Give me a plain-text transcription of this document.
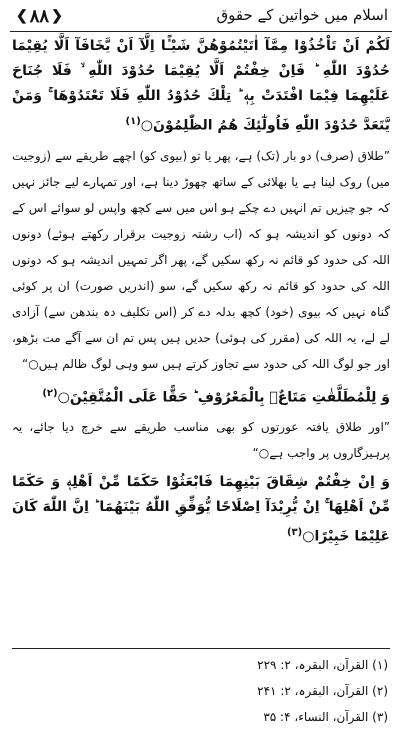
❮ ۸۸ ❯	اسلام میں خواتین کے حقوق

لَكُمْ اَنْ تَاْخُذُوْا مِمَّآ اٰتَيْتُمُوْهُنَّ شَيْـًٔا اِلَّآ اَنْ يَّخَافَآ اَلَّا يُقِيْمَا حُدُوْدَ اللّٰهِ ؕ فَاِنْ خِفْتُمْ اَلَّا يُقِيْمَا حُدُوْدَ اللّٰهِ ۙ فَلَا جُنَاحَ عَلَيْهِمَا فِيْمَا افْتَدَتْ بِهٖ ؕ تِلْكَ حُدُوْدُ اللّٰهِ فَلَا تَعْتَدُوْهَا ۚ وَمَنْ يَّتَعَدَّ حُدُوْدَ اللّٰهِ فَاُولٰٓئِكَ هُمُ الظّٰلِمُوْنَ○$^{(۱)}$

”طلاق (صرف) دو بار (تک) ہے، پھر یا تو (بیوی کو) اچھے طریقے سے (زوجیت میں) روک لینا ہے یا بھلائی کے ساتھ چھوڑ دینا ہے، اور تمہارے لیے جائز نہیں کہ جو چیزیں تم انہیں دے چکے ہو اس میں سے کچھ واپس لو سوائے اس کے کہ دونوں کو اندیشہ ہو کہ (اب رشتہ زوجیت برقرار رکھتے ہوئے) دونوں اللہ کی حدود کو قائم نہ رکھ سکیں گے، پھر اگر تمہیں اندیشہ ہو کہ دونوں اللہ کی حدود کو قائم نہ رکھ سکیں گے، سو (اندریں صورت) ان پر کوئی گناہ نہیں کہ بیوی (خود) کچھ بدلہ دے کر (اس تکلیف دہ بندھن سے) آزادی لے لے، یہ اللہ کی (مقرر کی ہوئی) حدیں ہیں پس تم ان سے آگے مت بڑھو، اور جو لوگ اللہ کی حدود سے تجاوز کرتے ہیں سو وہی لوگ ظالم ہیں○“

وَ لِلْمُطَلَّقٰتِ مَتَاعٌۢ بِالْمَعْرُوْفِ ؕ حَقًّا عَلَى الْمُتَّقِيْنَ○$^{(۲)}$

”اور طلاق یافتہ عورتوں کو بھی مناسب طریقے سے خرچ دیا جائے، یہ پرہیزگاروں پر واجب ہے○“

وَ اِنْ خِفْتُمْ شِقَاقَ بَيْنِهِمَا فَابْعَثُوْا حَكَمًا مِّنْ اَهْلِهٖ وَ حَكَمًا مِّنْ اَهْلِهَا ۚ اِنْ يُّرِيْدَآ اِصْلَاحًا يُّوَفِّقِ اللّٰهُ بَيْنَهُمَا ؕ اِنَّ اللّٰهَ كَانَ عَلِيْمًا خَبِيْرًا○$^{(۳)}$

(۱) القرآن، البقرہ، ۲: ۲۲۹

(۲) القرآن، البقرہ، ۲: ۲۴۱

(۳) القرآن، النساء، ۴: ۳۵
